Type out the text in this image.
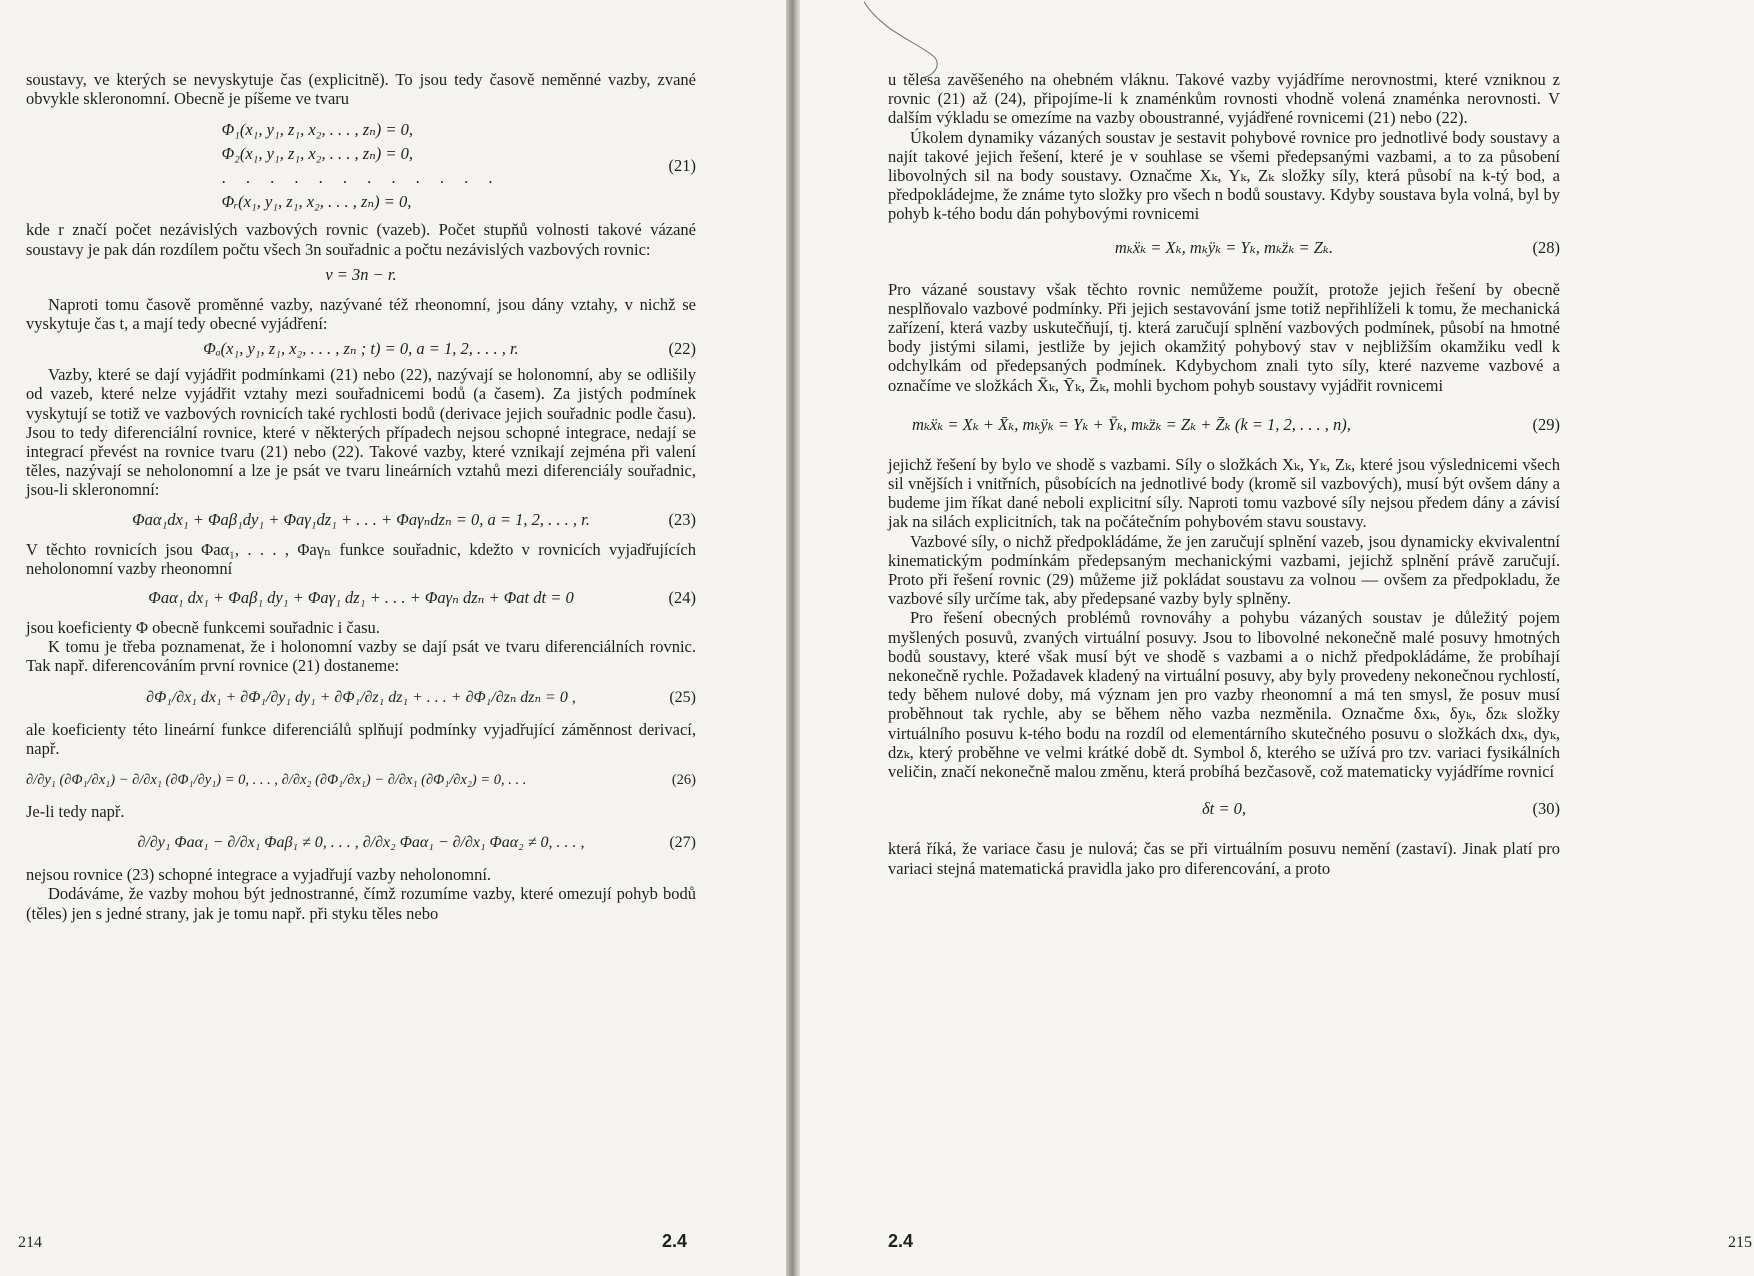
soustavy, ve kterých se nevyskytuje čas (explicitně). To jsou tedy časově neměnné vazby, zvané obvykle skleronomní. Obecně je píšeme ve tvaru

Φ₁(x₁, y₁, z₁, x₂, . . . , zₙ) = 0,
Φ₂(x₁, y₁, z₁, x₂, . . . , zₙ) = 0,
. . . . . . . . . . . .
Φᵣ(x₁, y₁, z₁, x₂, . . . , zₙ) = 0,
(21)

kde r značí počet nezávislých vazbových rovnic (vazeb). Počet stupňů volnosti takové vázané soustavy je pak dán rozdílem počtu všech 3n souřadnic a počtu nezávislých vazbových rovnic:

ν = 3n − r.

Naproti tomu časově proměnné vazby, nazývané též rheonomní, jsou dány vztahy, v nichž se vyskytuje čas t, a mají tedy obecné vyjádření:

Φₐ(x₁, y₁, z₁, x₂, . . . , zₙ ; t) = 0, a = 1, 2, . . . , r.	(22)

Vazby, které se dají vyjádřit podmínkami (21) nebo (22), nazývají se holonomní, aby se odlišily od vazeb, které nelze vyjádřit vztahy mezi souřadnicemi bodů (a časem). Za jistých podmínek vyskytují se totiž ve vazbových rovnicích také rychlosti bodů (derivace jejich souřadnic podle času). Jsou to tedy diferenciální rovnice, které v některých případech nejsou schopné integrace, nedají se integrací převést na rovnice tvaru (21) nebo (22). Takové vazby, které vznikají zejména při valení těles, nazývají se neholonomní a lze je psát ve tvaru lineárních vztahů mezi diferenciály souřadnic, jsou-li skleronomní:

Φaα₁dx₁ + Φaβ₁dy₁ + Φaγ₁dz₁ + . . . + Φaγₙdzₙ = 0, a = 1, 2, . . . , r.	(23)

V těchto rovnicích jsou Φaα₁, . . . , Φaγₙ funkce souřadnic, kdežto v rovnicích vyjadřujících neholonomní vazby rheonomní

Φaα₁ dx₁ + Φaβ₁ dy₁ + Φaγ₁ dz₁ + . . . + Φaγₙ dzₙ + Φat dt = 0	(24)

jsou koeficienty Φ obecně funkcemi souřadnic i času.

K tomu je třeba poznamenat, že i holonomní vazby se dají psát ve tvaru diferenciálních rovnic. Tak např. diferencováním první rovnice (21) dostaneme:

∂Φ₁/∂x₁ dx₁ + ∂Φ₁/∂y₁ dy₁ + ∂Φ₁/∂z₁ dz₁ + . . . + ∂Φ₁/∂zₙ dzₙ = 0 ,	(25)

ale koeficienty této lineární funkce diferenciálů splňují podmínky vyjadřující záměnnost derivací, např.

∂/∂y₁ (∂Φ₁/∂x₁) − ∂/∂x₁ (∂Φ₁/∂y₁) = 0, . . . , ∂/∂x₂ (∂Φ₁/∂x₁) − ∂/∂x₁ (∂Φ₁/∂x₂) = 0, . . .	(26)

Je-li tedy např.

∂/∂y₁ Φaα₁ − ∂/∂x₁ Φaβ₁ ≠ 0, . . . , ∂/∂x₂ Φaα₁ − ∂/∂x₁ Φaα₂ ≠ 0, . . . ,	(27)

nejsou rovnice (23) schopné integrace a vyjadřují vazby neholonomní.

Dodáváme, že vazby mohou být jednostranné, čímž rozumíme vazby, které omezují pohyb bodů (těles) jen s jedné strany, jak je tomu např. při styku těles nebo

214	2.4

u tělesa zavěšeného na ohebném vláknu. Takové vazby vyjádříme nerovnostmi, které vzniknou z rovnic (21) až (24), připojíme-li k znaménkům rovnosti vhodně volená znaménka nerovnosti. V dalším výkladu se omezíme na vazby oboustranné, vyjádřené rovnicemi (21) nebo (22).

Úkolem dynamiky vázaných soustav je sestavit pohybové rovnice pro jednotlivé body soustavy a najít takové jejich řešení, které je v souhlase se všemi předepsanými vazbami, a to za působení libovolných sil na body soustavy. Označme Xₖ, Yₖ, Zₖ složky síly, která působí na k-tý bod, a předpokládejme, že známe tyto složky pro všech n bodů soustavy. Kdyby soustava byla volná, byl by pohyb k-tého bodu dán pohybovými rovnicemi

mₖẍₖ = Xₖ, mₖÿₖ = Yₖ, mₖz̈ₖ = Zₖ.	(28)

Pro vázané soustavy však těchto rovnic nemůžeme použít, protože jejich řešení by obecně nesplňovalo vazbové podmínky. Při jejich sestavování jsme totiž nepřihlíželi k tomu, že mechanická zařízení, která vazby uskutečňují, tj. která zaručují splnění vazbových podmínek, působí na hmotné body jistými silami, jestliže by jejich okamžitý pohybový stav v nejbližším okamžiku vedl k odchylkám od předepsaných podmínek. Kdybychom znali tyto síly, které nazveme vazbové a označíme ve složkách X̄ₖ, Ȳₖ, Z̄ₖ, mohli bychom pohyb soustavy vyjádřit rovnicemi

mₖẍₖ = Xₖ + X̄ₖ, mₖÿₖ = Yₖ + Ȳₖ, mₖz̈ₖ = Zₖ + Z̄ₖ (k = 1, 2, . . . , n),	(29)

jejichž řešení by bylo ve shodě s vazbami. Síly o složkách Xₖ, Yₖ, Zₖ, které jsou výslednicemi všech sil vnějších i vnitřních, působících na jednotlivé body (kromě sil vazbových), musí být ovšem dány a budeme jim říkat dané neboli explicitní síly. Naproti tomu vazbové síly nejsou předem dány a závisí jak na silách explicitních, tak na počátečním pohybovém stavu soustavy.

Vazbové síly, o nichž předpokládáme, že jen zaručují splnění vazeb, jsou dynamicky ekvivalentní kinematickým podmínkám předepsaným mechanickými vazbami, jejichž splnění právě zaručují. Proto při řešení rovnic (29) můžeme již pokládat soustavu za volnou — ovšem za předpokladu, že vazbové síly určíme tak, aby předepsané vazby byly splněny.

Pro řešení obecných problémů rovnováhy a pohybu vázaných soustav je důležitý pojem myšlených posuvů, zvaných virtuální posuvy. Jsou to libovolné nekonečně malé posuvy hmotných bodů soustavy, které však musí být ve shodě s vazbami a o nichž předpokládáme, že probíhají nekonečně rychle. Požadavek kladený na virtuální posuvy, aby byly provedeny nekonečnou rychlostí, tedy během nulové doby, má význam jen pro vazby rheonomní a má ten smysl, že posuv musí proběhnout tak rychle, aby se během něho vazba nezměnila. Označme δxₖ, δyₖ, δzₖ složky virtuálního posuvu k-tého bodu na rozdíl od elementárního skutečného posuvu o složkách dxₖ, dyₖ, dzₖ, který proběhne ve velmi krátké době dt. Symbol δ, kterého se užívá pro tzv. variaci fysikálních veličin, značí nekonečně malou změnu, která probíhá bezčasově, což matematicky vyjádříme rovnicí

δt = 0,	(30)

která říká, že variace času je nulová; čas se při virtuálním posuvu nemění (zastaví). Jinak platí pro variaci stejná matematická pravidla jako pro diferencování, a proto

2.4	215
